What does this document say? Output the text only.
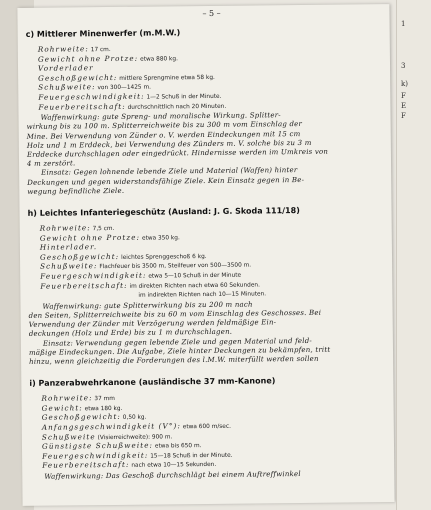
– 5 –
c) Mittlerer Minenwerfer (m.M.W.)
Rohrweite: 17 cm.
Gewicht ohne Protze: etwa 880 kg.
Vorderlader
Geschoßgewicht: mittlere Sprengmine etwa 58 kg.
Schußweite: von 300—1425 m.
Feuergeschwindigkeit: 1—2 Schuß in der Minute.
Feuerbereitschaft: durchschnittlich nach 20 Minuten.
Waffenwirkung: gute Spreng- und moralische Wirkung. Splitter-
wirkung bis zu 100 m. Splitterreichweite bis zu 300 m vom Einschlag der
Mine. Bei Verwendung von Zünder o. V. werden Eindeckungen mit 15 cm
Holz und 1 m Erddeck, bei Verwendung des Zünders m. V. solche bis zu 3 m
Erddecke durchschlagen oder eingedrückt. Hindernisse werden im Umkreis von
4 m zerstört.
Einsatz: Gegen lohnende lebende Ziele und Material (Waffen) hinter
Deckungen und gegen widerstandsfähige Ziele. Kein Einsatz gegen in Be-
wegung befindliche Ziele.
h) Leichtes Infanteriegeschütz (Ausland: J. G. Skoda 111/18)
Rohrweite: 7,5 cm.
Gewicht ohne Protze: etwa 350 kg.
Hinterlader.
Geschoßgewicht: leichtes Sprenggeschoß 6 kg.
Schußweite: Flachfeuer bis 3500 m, Steilfeuer von 500—3500 m.
Feuergeschwindigkeit: etwa 5—10 Schuß in der Minute
Feuerbereitschaft: im direkten Richten nach etwa 60 Sekunden.
im indirekten Richten nach 10—15 Minuten.
Waffenwirkung: gute Splitterwirkung bis zu 200 m nach
den Seiten, Splitterreichweite bis zu 60 m vom Einschlag des Geschosses. Bei
Verwendung der Zünder mit Verzögerung werden feldmäßige Ein-
deckungen (Holz und Erde) bis zu 1 m durchschlagen.
Einsatz: Verwendung gegen lebende Ziele und gegen Material und feld-
mäßige Eindeckungen. Die Aufgabe, Ziele hinter Deckungen zu bekämpfen, tritt
hinzu, wenn gleichzeitig die Forderungen des l.M.W. miterfüllt werden sollen
i) Panzerabwehrkanone (ausländische 37 mm-Kanone)
Rohrweite: 37 mm
Gewicht: etwa 180 kg.
Geschoßgewicht: 0,50 kg.
Anfangsgeschwindigkeit (V°): etwa 600 m/sec.
Schußweite (Visierreichweite): 900 m.
Günstigste Schußweite: etwa bis 650 m.
Feuergeschwindigkeit: 15—18 Schuß in der Minute.
Feuerbereitschaft: nach etwa 10—15 Sekunden.
Waffenwirkung: Das Geschoß durchschlägt bei einem Auftreffwinkel
1
3
k)
F
E
F
